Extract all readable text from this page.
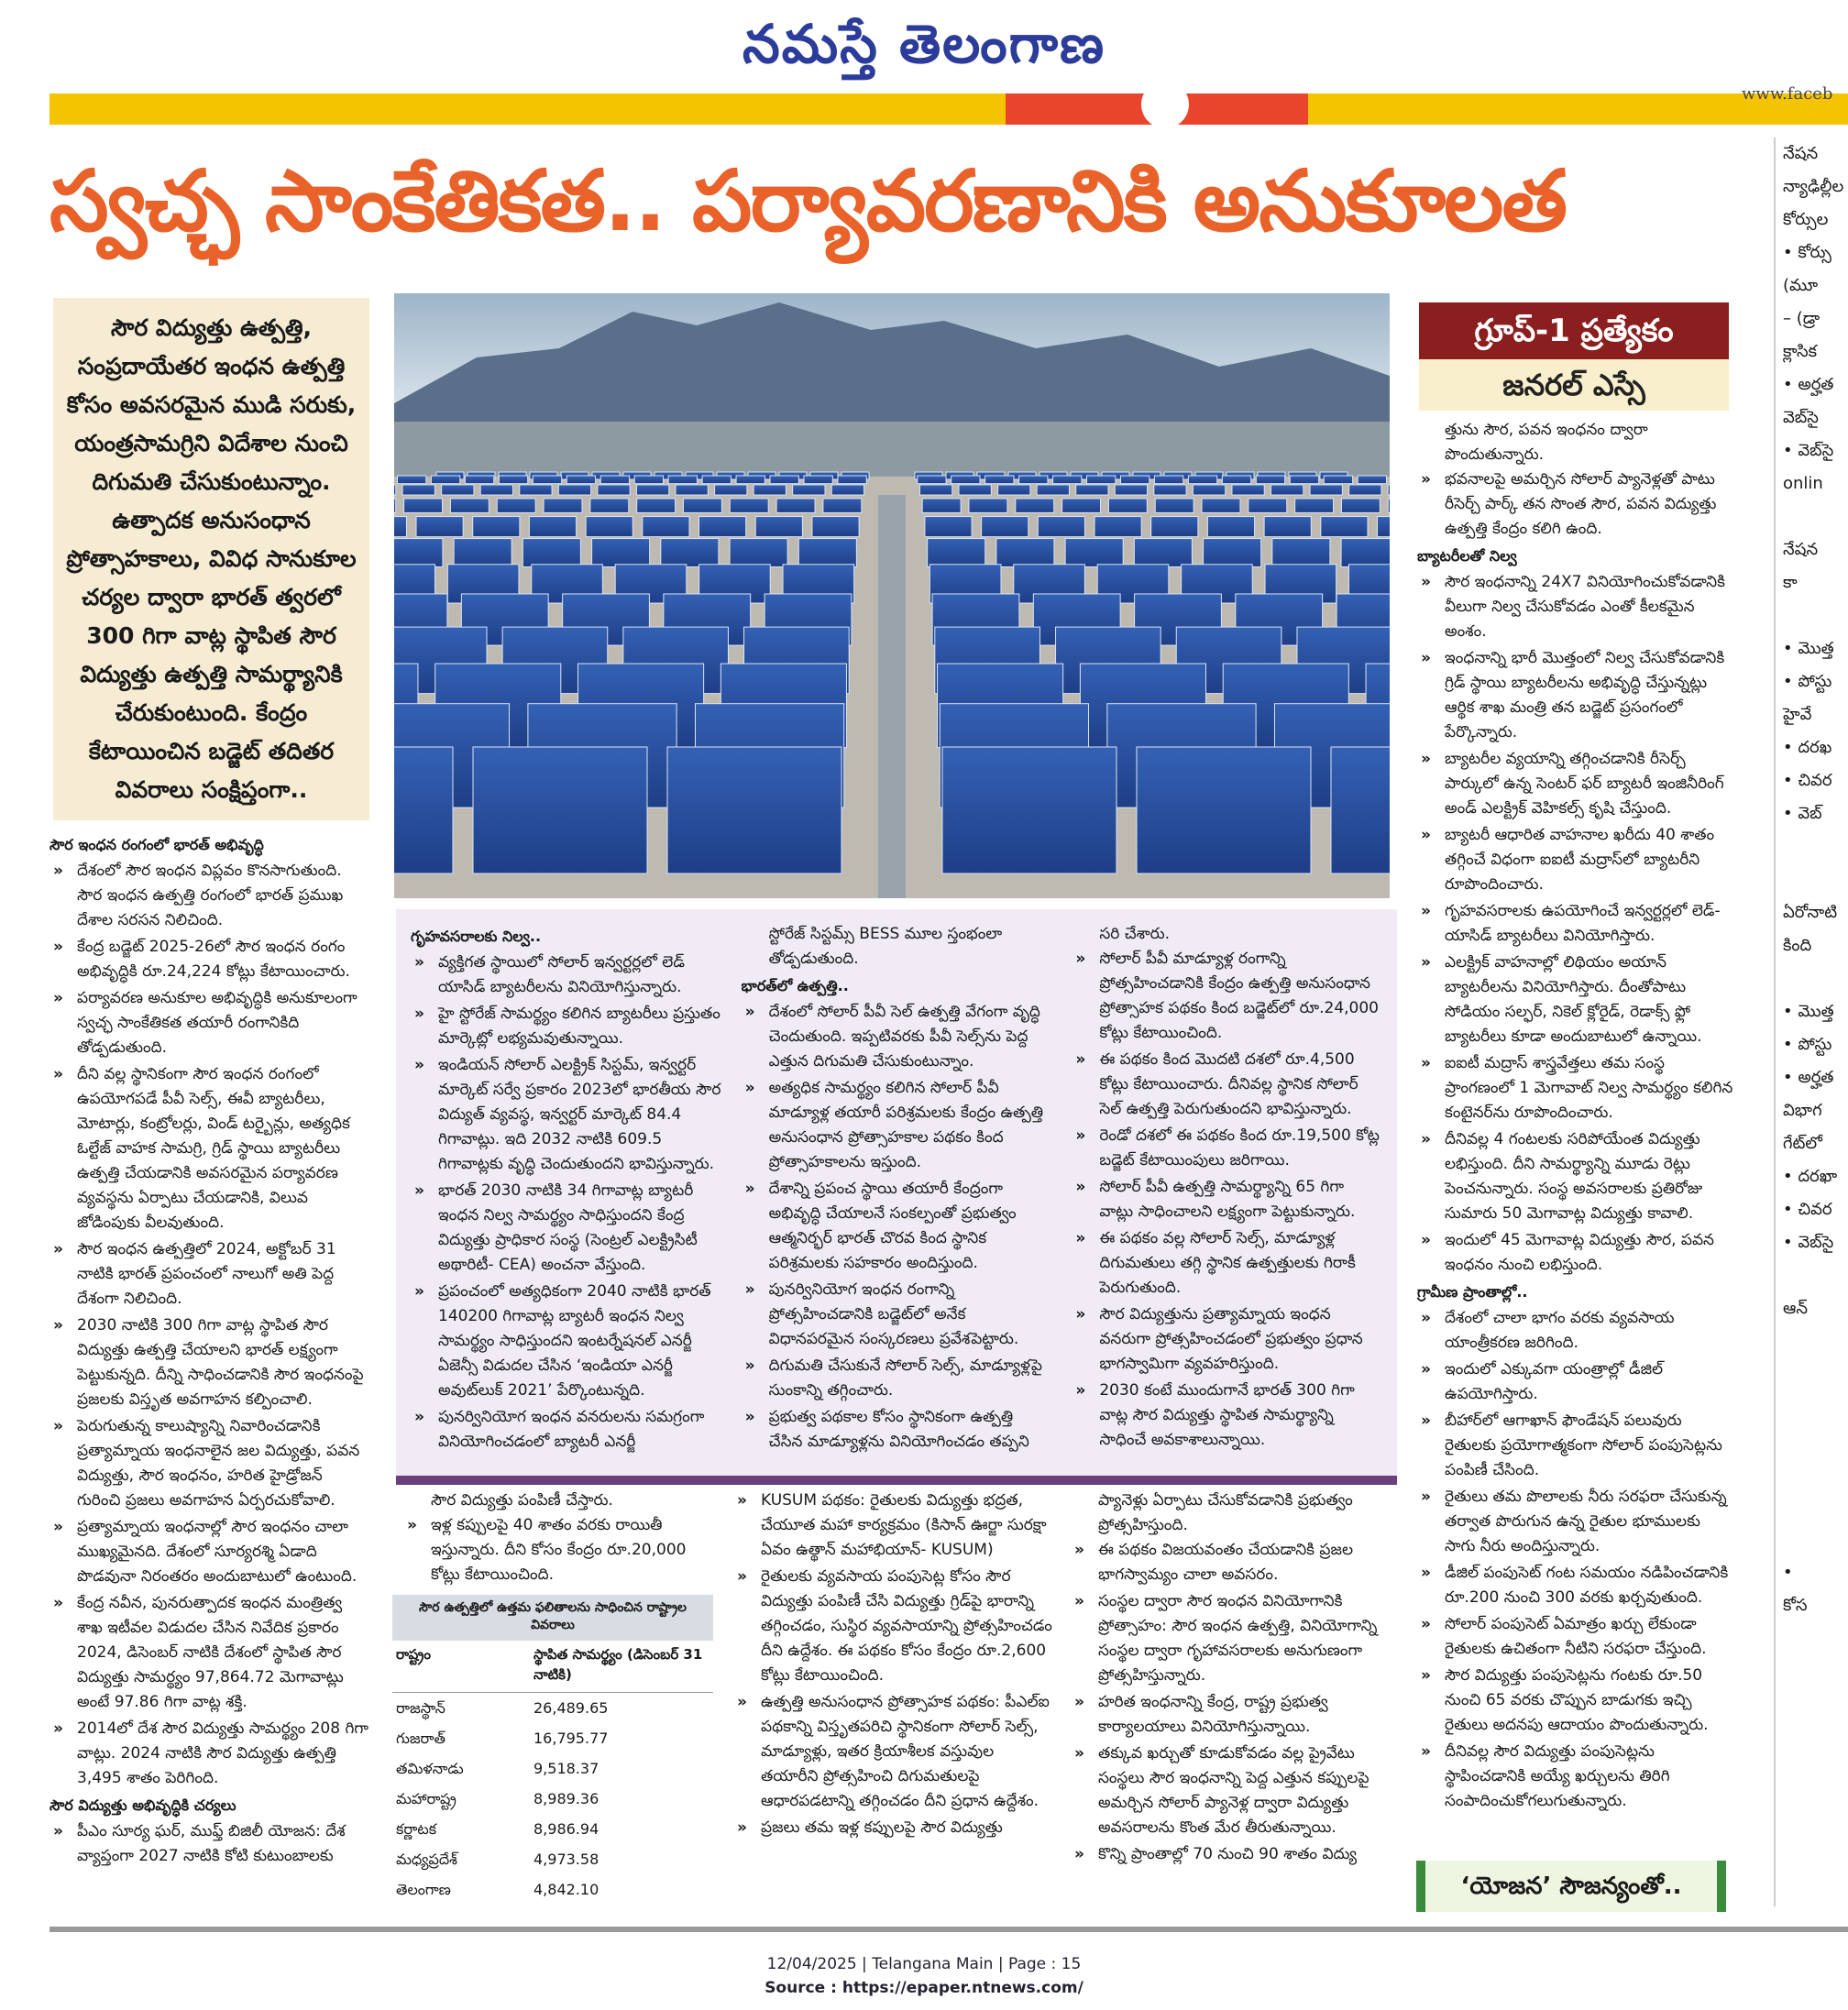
నమస్తే తెలంగాణ
www.faceb
స్వచ్ఛ సాంకేతికత.. పర్యావరణానికి అనుకూలత
సౌర విద్యుత్తు ఉత్పత్తి, సంప్రదాయేతర ఇంధన ఉత్పత్తి కోసం అవసరమైన ముడి సరుకు, యంత్రసామగ్రిని విదేశాల నుంచి దిగుమతి చేసుకుంటున్నాం. ఉత్పాదక అనుసంధాన ప్రోత్సాహకాలు, వివిధ సానుకూల చర్యల ద్వారా భారత్‌ త్వరలో 300 గిగా వాట్ల స్థాపిత సౌర విద్యుత్తు ఉత్పత్తి సామర్థ్యానికి చేరుకుంటుంది. కేంద్రం కేటాయించిన బడ్జెట్‌ తదితర వివరాలు సంక్షిప్తంగా..
సౌర ఇంధన రంగంలో భారత్‌ అభివృద్ధి

» దేశంలో సౌర ఇంధన విప్లవం కొనసాగుతుంది. సౌర ఇంధన ఉత్పత్తి రంగంలో భారత్‌ ప్రముఖ దేశాల సరసన నిలిచింది.

» కేంద్ర బడ్జెట్‌ 2025-26లో సౌర ఇంధన రంగం అభివృద్ధికి రూ.24,224 కోట్లు కేటాయించారు.

» పర్యావరణ అనుకూల అభివృద్ధికి అనుకూలంగా స్వచ్ఛ సాంకేతికత తయారీ రంగానికిది తోడ్పడుతుంది.

» దీని వల్ల స్థానికంగా సౌర ఇంధన రంగంలో ఉపయోగపడే పీవీ సెల్స్‌, ఈవీ బ్యాటరీలు, మోటార్లు, కంట్రోలర్లు, విండ్‌ టర్బైన్లు, అత్యధిక ఓల్టేజ్‌ వాహక సామగ్రి, గ్రిడ్‌ స్థాయి బ్యాటరీలు ఉత్పత్తి చేయడానికి అవసరమైన పర్యావరణ వ్యవస్థను ఏర్పాటు చేయడానికి, విలువ జోడింపుకు వీలవుతుంది.

» సౌర ఇంధన ఉత్పత్తిలో 2024, అక్టోబర్‌ 31 నాటికి భారత్‌ ప్రపంచంలో నాలుగో అతి పెద్ద దేశంగా నిలిచింది.

» 2030 నాటికి 300 గిగా వాట్ల స్థాపిత సౌర విద్యుత్తు ఉత్పత్తి చేయాలని భారత్‌ లక్ష్యంగా పెట్టుకున్నది. దీన్ని సాధించడానికి సౌర ఇంధనంపై ప్రజలకు విస్తృత అవగాహన కల్పించాలి.

» పెరుగుతున్న కాలుష్యాన్ని నివారించడానికి ప్రత్యామ్నాయ ఇంధనాలైన జల విద్యుత్తు, పవన విద్యుత్తు, సౌర ఇంధనం, హరిత హైడ్రోజన్‌ గురించి ప్రజలు అవగాహన ఏర్పరచుకోవాలి.

» ప్రత్యామ్నాయ ఇంధనాల్లో సౌర ఇంధనం చాలా ముఖ్యమైనది. దేశంలో సూర్యరశ్మి ఏడాది పొడవునా నిరంతరం అందుబాటులో ఉంటుంది.

» కేంద్ర నవీన, పునరుత్పాదక ఇంధన మంత్రిత్వ శాఖ ఇటీవల విడుదల చేసిన నివేదిక ప్రకారం 2024, డిసెంబర్‌ నాటికి దేశంలో స్థాపిత సౌర విద్యుత్తు సామర్థ్యం 97,864.72 మెగావాట్లు అంటే 97.86 గిగా వాట్ల శక్తి.

» 2014లో దేశ సౌర విద్యుత్తు సామర్థ్యం 208 గిగా వాట్లు. 2024 నాటికి సౌర విద్యుత్తు ఉత్పత్తి 3,495 శాతం పెరిగింది.

సౌర విద్యుత్తు అభివృద్ధికి చర్యలు

» పీఎం సూర్య ఘర్‌, ముఫ్త్‌ బిజిలీ యోజన: దేశ వ్యాప్తంగా 2027 నాటికి కోటి కుటుంబాలకు

గృహవసరాలకు నిల్వ..

» వ్యక్తిగత స్థాయిలో సోలార్‌ ఇన్వర్టర్లలో లెడ్‌ యాసిడ్‌ బ్యాటరీలను వినియోగిస్తున్నారు.

» హై స్టోరేజ్‌ సామర్థ్యం కలిగిన బ్యాటరీలు ప్రస్తుతం మార్కెట్లో లభ్యమవుతున్నాయి.

» ఇండియన్‌ సోలార్‌ ఎలక్ట్రిక్‌ సిస్టమ్‌, ఇన్వర్టర్‌ మార్కెట్‌ సర్వే ప్రకారం 2023లో భారతీయ సౌర విద్యుత్‌ వ్యవస్థ, ఇన్వర్టర్‌ మార్కెట్‌ 84.4 గిగావాట్లు. ఇది 2032 నాటికి 609.5 గిగావాట్లకు వృద్ధి చెందుతుందని భావిస్తున్నారు.

» భారత్‌ 2030 నాటికి 34 గిగావాట్ల బ్యాటరీ ఇంధన నిల్వ సామర్థ్యం సాధిస్తుందని కేంద్ర విద్యుత్తు ప్రాధికార సంస్థ (సెంట్రల్‌ ఎలక్ట్రిసిటీ అథారిటీ- CEA) అంచనా వేస్తుంది.

» ప్రపంచంలో అత్యధికంగా 2040 నాటికి భారత్‌ 140200 గిగావాట్ల బ్యాటరీ ఇంధన నిల్వ సామర్థ్యం సాధిస్తుందని ఇంటర్నేషనల్‌ ఎనర్జీ ఏజెన్సీ విడుదల చేసిన ‘ఇండియా ఎనర్జీ అవుట్‌లుక్‌ 2021’ పేర్కొంటున్నది.

» పునర్వినియోగ ఇంధన వనరులను సమగ్రంగా వినియోగించడంలో బ్యాటరీ ఎనర్జీ

స్టోరేజ్‌ సిస్టమ్స్‌ BESS మూల స్తంభంలా తోడ్పడుతుంది.
భారత్‌లో ఉత్పత్తి..

» దేశంలో సోలార్‌ పీవీ సెల్‌ ఉత్పత్తి వేగంగా వృద్ధి చెందుతుంది. ఇప్పటివరకు పీవీ సెల్స్‌ను పెద్ద ఎత్తున దిగుమతి చేసుకుంటున్నాం.

» అత్యధిక సామర్థ్యం కలిగిన సోలార్‌ పీవీ మాడ్యూళ్ల తయారీ పరిశ్రమలకు కేంద్రం ఉత్పత్తి అనుసంధాన ప్రోత్సాహకాల పథకం కింద ప్రోత్సాహకాలను ఇస్తుంది.

» దేశాన్ని ప్రపంచ స్థాయి తయారీ కేంద్రంగా అభివృద్ధి చేయాలనే సంకల్పంతో ప్రభుత్వం ఆత్మనిర్భర్‌ భారత్‌ చొరవ కింద స్థానిక పరిశ్రమలకు సహకారం అందిస్తుంది.

» పునర్వినియోగ ఇంధన రంగాన్ని ప్రోత్సహించడానికి బడ్జెట్‌లో అనేక విధానపరమైన సంస్కరణలు ప్రవేశపెట్టారు.

» దిగుమతి చేసుకునే సోలార్‌ సెల్స్‌, మాడ్యూళ్లపై సుంకాన్ని తగ్గించారు.

» ప్రభుత్వ పథకాల కోసం స్థానికంగా ఉత్పత్తి చేసిన మాడ్యూళ్లను వినియోగించడం తప్పని

సరి చేశారు.

» సోలార్‌ పీవీ మాడ్యూళ్ల రంగాన్ని ప్రోత్సహించడానికి కేంద్రం ఉత్పత్తి అనుసంధాన ప్రోత్సాహక పథకం కింద బడ్జెట్‌లో రూ.24,000 కోట్లు కేటాయించింది.

» ఈ పథకం కింద మొదటి దశలో రూ.4,500 కోట్లు కేటాయించారు. దీనివల్ల స్థానిక సోలార్‌ సెల్‌ ఉత్పత్తి పెరుగుతుందని భావిస్తున్నారు.

» రెండో దశలో ఈ పథకం కింద రూ.19,500 కోట్ల బడ్జెట్‌ కేటాయింపులు జరిగాయి.

» సోలార్‌ పీవీ ఉత్పత్తి సామర్థ్యాన్ని 65 గిగా వాట్లు సాధించాలని లక్ష్యంగా పెట్టుకున్నారు.

» ఈ పథకం వల్ల సోలార్‌ సెల్స్‌, మాడ్యూళ్ల దిగుమతులు తగ్గి స్థానిక ఉత్పత్తులకు గిరాకీ పెరుగుతుంది.

» సౌర విద్యుత్తును ప్రత్యామ్నాయ ఇంధన వనరుగా ప్రోత్సహించడంలో ప్రభుత్వం ప్రధాన భాగస్వామిగా వ్యవహరిస్తుంది.

» 2030 కంటే ముందుగానే భారత్‌ 300 గిగా వాట్ల సౌర విద్యుత్తు స్థాపిత సామర్థ్యాన్ని సాధించే అవకాశాలున్నాయి.

సౌర విద్యుత్తు పంపిణీ చేస్తారు.

» ఇళ్ల కప్పులపై 40 శాతం వరకు రాయితీ ఇస్తున్నారు. దీని కోసం కేంద్రం రూ.20,000 కోట్లు కేటాయించింది.

సౌర ఉత్పత్తిలో ఉత్తమ ఫలితాలను సాధించిన రాష్ట్రాల వివరాలు
రాష్ట్రం	స్థాపిత సామర్థ్యం (డిసెంబర్‌ 31 నాటికి)
రాజస్థాన్‌	26,489.65
గుజరాత్‌	16,795.77
తమిళనాడు	9,518.37
మహారాష్ట్ర	8,989.36
కర్ణాటక	8,986.94
మధ్యప్రదేశ్‌	4,973.58
తెలంగాణ	4,842.10

» KUSUM పథకం: రైతులకు విద్యుత్తు భద్రత, చేయూత మహా కార్యక్రమం (కిసాన్‌ ఊర్జా సురక్షా ఏవం ఉత్థాన్‌ మహాభియాన్‌- KUSUM)

» రైతులకు వ్యవసాయ పంపుసెట్ల కోసం సౌర విద్యుత్తు పంపిణీ చేసి విద్యుత్తు గ్రిడ్‌పై భారాన్ని తగ్గించడం, సుస్థిర వ్యవసాయాన్ని ప్రోత్సహించడం దీని ఉద్దేశం. ఈ పథకం కోసం కేంద్రం రూ.2,600 కోట్లు కేటాయించింది.

» ఉత్పత్తి అనుసంధాన ప్రోత్సాహక పథకం: పీఎల్‌ఐ పథకాన్ని విస్తృతపరిచి స్థానికంగా సోలార్‌ సెల్స్‌, మాడ్యూళ్లు, ఇతర క్రియాశీలక వస్తువుల తయారీని ప్రోత్సహించి దిగుమతులపై ఆధారపడటాన్ని తగ్గించడం దీని ప్రధాన ఉద్దేశం.

» ప్రజలు తమ ఇళ్ల కప్పులపై సౌర విద్యుత్తు

ప్యానెళ్లు ఏర్పాటు చేసుకోవడానికి ప్రభుత్వం ప్రోత్సహిస్తుంది.

» ఈ పథకం విజయవంతం చేయడానికి ప్రజల భాగస్వామ్యం చాలా అవసరం.

» సంస్థల ద్వారా సౌర ఇంధన వినియోగానికి ప్రోత్సాహం: సౌర ఇంధన ఉత్పత్తి, వినియోగాన్ని సంస్థల ద్వారా గృహావసరాలకు అనుగుణంగా ప్రోత్సహిస్తున్నారు.

» హరిత ఇంధనాన్ని కేంద్ర, రాష్ట్ర ప్రభుత్వ కార్యాలయాలు వినియోగిస్తున్నాయి.

» తక్కువ ఖర్చుతో కూడుకోవడం వల్ల ప్రైవేటు సంస్థలు సౌర ఇంధనాన్ని పెద్ద ఎత్తున కప్పులపై అమర్చిన సోలార్‌ ప్యానెళ్ల ద్వారా విద్యుత్తు అవసరాలను కొంత మేర తీరుతున్నాయి.

» కొన్ని ప్రాంతాల్లో 70 నుంచి 90 శాతం విద్యు

గ్రూప్‌-1 ప్రత్యేకం
జనరల్‌ ఎస్సే
త్తును సౌర, పవన ఇంధనం ద్వారా పొందుతున్నారు.

» భవనాలపై అమర్చిన సోలార్‌ ప్యానెళ్లతో పాటు రీసెర్చ్‌ పార్క్‌ తన సొంత సౌర, పవన విద్యుత్తు ఉత్పత్తి కేంద్రం కలిగి ఉంది.

బ్యాటరీలతో నిల్వ

» సౌర ఇంధనాన్ని 24X7 వినియోగించుకోవడానికి వీలుగా నిల్వ చేసుకోవడం ఎంతో కీలకమైన అంశం.

» ఇంధనాన్ని భారీ మొత్తంలో నిల్వ చేసుకోవడానికి గ్రిడ్‌ స్థాయి బ్యాటరీలను అభివృద్ధి చేస్తున్నట్లు ఆర్థిక శాఖ మంత్రి తన బడ్జెట్‌ ప్రసంగంలో పేర్కొన్నారు.

» బ్యాటరీల వ్యయాన్ని తగ్గించడానికి రీసెర్చ్‌ పార్కులో ఉన్న సెంటర్‌ ఫర్‌ బ్యాటరీ ఇంజినీరింగ్‌ అండ్‌ ఎలక్ట్రిక్‌ వెహికల్స్‌ కృషి చేస్తుంది.

» బ్యాటరీ ఆధారిత వాహనాల ఖరీదు 40 శాతం తగ్గించే విధంగా ఐఐటీ మద్రాస్‌లో బ్యాటరీని రూపొందించారు.

» గృహవసరాలకు ఉపయోగించే ఇన్వర్టర్లలో లెడ్‌- యాసిడ్‌ బ్యాటరీలు వినియోగిస్తారు.

» ఎలక్ట్రిక్‌ వాహనాల్లో లిథియం అయాన్‌ బ్యాటరీలను వినియోగిస్తారు. దీంతోపాటు సోడియం సల్ఫర్‌, నికెల్‌ క్లోరైడ్‌, రెడాక్స్‌ ఫ్లో బ్యాటరీలు కూడా అందుబాటులో ఉన్నాయి.

» ఐఐటీ మద్రాస్‌ శాస్త్రవేత్తలు తమ సంస్థ ప్రాంగణంలో 1 మెగావాట్‌ నిల్వ సామర్థ్యం కలిగిన కంటైనర్‌ను రూపొందించారు.

» దీనివల్ల 4 గంటలకు సరిపోయేంత విద్యుత్తు లభిస్తుంది. దీని సామర్థ్యాన్ని మూడు రెట్లు పెంచనున్నారు. సంస్థ అవసరాలకు ప్రతిరోజు సుమారు 50 మెగావాట్ల విద్యుత్తు కావాలి.

» ఇందులో 45 మెగావాట్ల విద్యుత్తు సౌర, పవన ఇంధనం నుంచి లభిస్తుంది.

గ్రామీణ ప్రాంతాల్లో..

» దేశంలో చాలా భాగం వరకు వ్యవసాయ యాంత్రీకరణ జరిగింది.

» ఇందులో ఎక్కువగా యంత్రాల్లో డీజిల్‌ ఉపయోగిస్తారు.

» బీహార్‌లో ఆగాఖాన్‌ ఫౌండేషన్‌ పలువురు రైతులకు ప్రయోగాత్మకంగా సోలార్‌ పంపుసెట్లను పంపిణీ చేసింది.

» రైతులు తమ పొలాలకు నీరు సరఫరా చేసుకున్న తర్వాత పొరుగున ఉన్న రైతుల భూములకు సాగు నీరు అందిస్తున్నారు.

» డీజిల్‌ పంపుసెట్‌ గంట సమయం నడిపించడానికి రూ.200 నుంచి 300 వరకు ఖర్చవుతుంది.

» సోలార్‌ పంపుసెట్‌ ఏమాత్రం ఖర్చు లేకుండా రైతులకు ఉచితంగా నీటిని సరఫరా చేస్తుంది.

» సౌర విద్యుత్తు పంపుసెట్లను గంటకు రూ.50 నుంచి 65 వరకు చొప్పున బాడుగకు ఇచ్చి రైతులు అదనపు ఆదాయం పొందుతున్నారు.

» దీనివల్ల సౌర విద్యుత్తు పంపుసెట్లను స్థాపించడానికి అయ్యే ఖర్చులను తిరిగి సంపాదించుకోగలుగుతున్నారు.

‘యోజన’ సౌజన్యంతో..
నేషన
న్యాఢిల్లీల
కోర్సుల
• కోర్సు
(మూ
– (డ్రా
క్లాసిక
• అర్హత
వెబ్‌సై
• వెబ్‌సై
onlin
నేషన
కా
• మొత్త
• పోస్టు
హైవే
• దరఖ
• చివర
• వెబ్‌
ఏరోనాటి
కింది
• మొత్త
• పోస్టు
• అర్హత
విభాగ
గేట్‌లో
• దరఖా
• చివర
• వెబ్‌సై
ఆన్
•
కోస
12/04/2025 | Telangana Main | Page : 15
Source : https://epaper.ntnews.com/
